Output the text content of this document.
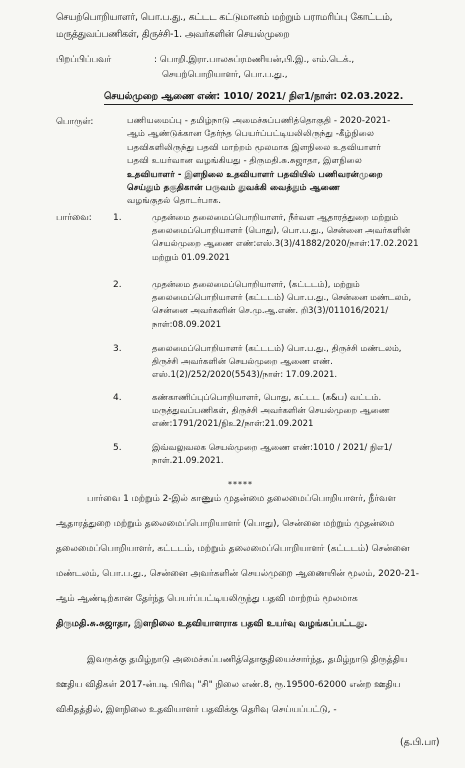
செயற்பொறியாளர், பொ.ப.து., கட்டட கட்டுமானம் மற்றும் பராமரிப்பு கோட்டம்,
மருத்துவப்பணிகள், திருச்சி-1. அவர்களின் செயல்முறை
பிறப்பிப்பவர்	: பொறி.இரா.பாலசுப்ரமணியன்,பி.இ., எம்.டெக்.,
செயற்பொறியாளர், பொ.ப.து.,
செயல்முறை ஆணை எண்: 1010/ 2021/ நிஎ1/நாள்: 02.03.2022.
பொருள்:	பணியமைப்பு - தமிழ்நாடு அமைச்சுப்பணித்தொகுதி - 2020-2021-
ஆம் ஆண்டுக்கான தேர்ந்த பெயர்ப்பட்டியலிலிருந்து -கீழ்நிலை
பதவிகளிலிருந்து பதவி மாற்றம் மூலமாக இளநிலை உதவியாளர்
பதவி உயர்வான வழங்கியது - திருமதி.சு.சுஜாதா, இளநிலை
உதவியாளர் - இளநிலை உதவியாளர் பதவியில் பணிவரன்முறை
செய்தும் தகுதிகான் பருவம் துவக்கி வைத்தும் ஆணை
வழங்குதல் தொடர்பாக.
பார்வை: 1.	முதன்மை தலைமைப்பொறியாளர், நீர்வள ஆதாரத்துறை மற்றும்
தலைமைப்பொறியாளர் (பொது), பொ.ப.து., சென்னை அவர்களின்
செயல்முறை ஆணை எண்:எஸ்.3(3)/41882/2020/நாள்:17.02.2021
மற்றும் 01.09.2021
2.	முதன்மை தலைமைப்பொறியாளர், (கட்டடம்), மற்றும்
தலைமைப்பொறியாளர் (கட்டடம்) பொ.ப.து., சென்னை மண்டலம்,
சென்னை அவர்களின் செ.மு.ஆ.எண். றி3(3)/011016/2021/
நாள்:08.09.2021
3.	தலைமைப்பொறியாளர் (கட்டடம்) பொ.ப.து., திருச்சி மண்டலம்,
திருச்சி அவர்களின் செயல்முறை ஆணை எண்.
எஸ்.1(2)/252/2020(5543)/நாள்: 17.09.2021.
4.	கண்காணிப்புப்பொறியாளர், பொது, கட்டட (க&ப) வட்டம்.
மருத்துவப்பணிகள், திருச்சி அவர்களின் செயல்முறை ஆணை
எண்:1791/2021/நிஉ2/நாள்:21.09.2021
5.	இவ்வலுவலக செயல்முறை ஆணை எண்:1010 / 2021/ நிஎ1/
நாள்.21.09.2021.
*****
பார்வை 1 மற்றும் 2-இல் காணும் முதன்மை தலைமைப்பொறியாளர், நீர்வள
ஆதாரத்துறை மற்றும் தலைமைப்பொறியாளர் (பொது), சென்னை மற்றும் முதன்மை
தலைமைப்பொறியாளர், கட்டடம், மற்றும் தலைமைப்பொறியாளர் (கட்டடம்) சென்னை
மண்டலம், பொ.ப.து., சென்னை அவர்களின் செயல்முறை ஆணையின் மூலம், 2020-21-
ஆம் ஆண்டிற்கான தேர்ந்த பெயர்ப்பட்டியலிருந்து பதவி மாற்றம் மூலமாக
திருமதி.சு.சுஜாதா, இளநிலை உதவியாளராக பதவி உயர்வு வழங்கப்பட்டது.
இவருக்கு தமிழ்நாடு அமைச்சுப்பணித்தொகுதியைச்சார்ந்த, தமிழ்நாடு திருத்திய
ஊதிய விதிகள் 2017-ன்படி பிரிவு "சி" நிலை எண்.8, ரூ.19500-62000 என்ற ஊதிய
விகிதத்தில், இளநிலை உதவியாளர் பதவிக்கு தெரிவு செய்யப்பட்டு, -
(த.பி.பா)
